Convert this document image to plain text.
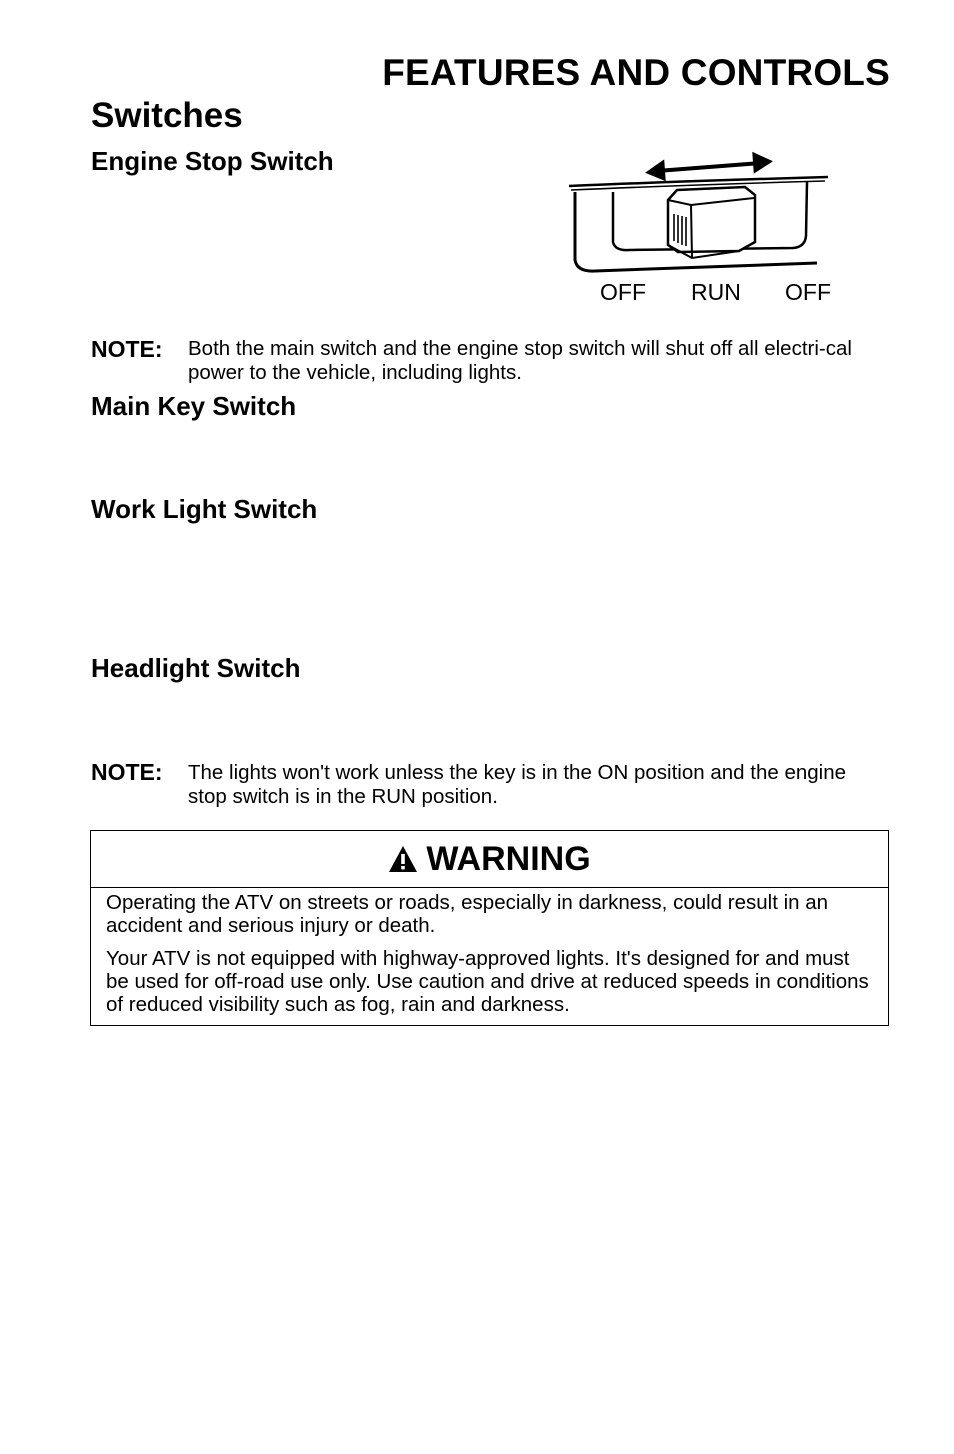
FEATURES AND CONTROLS
Switches
Engine Stop Switch
OFF RUN OFF
NOTE: Both the main switch and the engine stop switch will shut off all electri-cal power to the vehicle, including lights.
Main Key Switch
Work Light Switch
Headlight Switch
NOTE: The lights won't work unless the key is in the ON position and the engine stop switch is in the RUN position.
WARNING

Operating the ATV on streets or roads, especially in darkness, could result in an accident and serious injury or death.

Your ATV is not equipped with highway-approved lights. It's designed for and must be used for off-road use only. Use caution and drive at reduced speeds in conditions of reduced visibility such as fog, rain and darkness.
